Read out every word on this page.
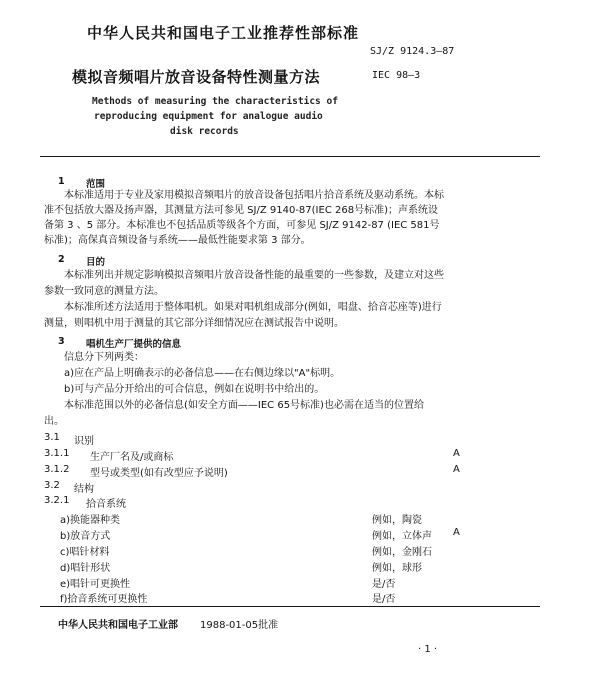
中华人民共和国电子工业推荐性部标准
SJ/Z 9124.3—87
IEC 98—3
模拟音频唱片放音设备特性测量方法
Methods of measuring the characteristics of
reproducing equipment for analogue audio
disk records
1 范围
本标准适用于专业及家用模拟音频唱片的放音设备包括唱片拾音系统及驱动系统。本标
准不包括放大器及扬声器，其测量方法可参见 SJ/Z 9140-87(IEC 268号标准)；声系统设
备第 3 、5 部分。本标准也不包括品质等级各个方面，可参见 SJ/Z 9142-87 (IEC 581号
标准)；高保真音频设备与系统——最低性能要求第 3 部分。
2 目的
本标准列出并规定影响模拟音频唱片放音设备性能的最重要的一些参数，及建立对这些
参数一致同意的测量方法。
本标准所述方法适用于整体唱机。如果对唱机组成部分(例如，唱盘、拾音芯座等)进行
测量，则唱机中用于测量的其它部分详细情况应在测试报告中说明。
3 唱机生产厂提供的信息
信息分下列两类：
a)应在产品上明确表示的必备信息——在右侧边缘以"A"标明。
b)可与产品分开给出的可合信息，例如在说明书中给出的。
本标准范围以外的必备信息(如安全方面——IEC 65号标准)也必需在适当的位置给
出。
3.1 识别
3.1.1 生产厂名及/或商标	A
3.1.2 型号或类型(如有改型应予说明)	A
3.2 结构
3.2.1 拾音系统
a)换能器种类	例如，陶瓷
b)放音方式	例如，立体声 A
c)唱针材料	例如，金刚石
d)唱针形状	例如，球形
e)唱针可更换性	是/否
f)拾音系统可更换性	是/否
中华人民共和国电子工业部 1988-01-05批准
· 1 ·
